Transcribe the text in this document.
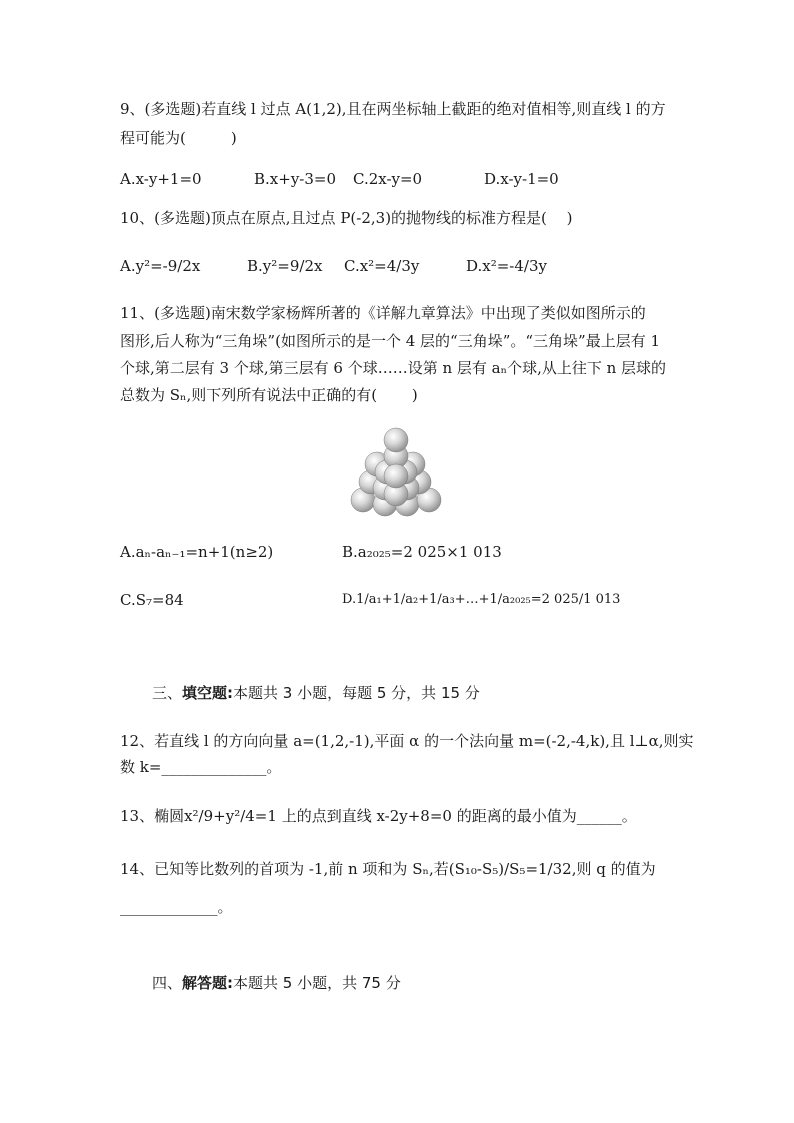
9、(多选题)若直线 l 过点 A(1,2),且在两坐标轴上截距的绝对值相等,则直线 l 的方
程可能为(　　　)
A.x-y+1=0	B.x+y-3=0 C.2x-y=0	D.x-y-1=0
10、(多选题)顶点在原点,且过点 P(-2,3)的抛物线的标准方程是(　 )
A.y²=-9/2x	B.y²=9/2x C.x²=4/3y	D.x²=-4/3y
11、(多选题)南宋数学家杨辉所著的《详解九章算法》中出现了类似如图所示的
图形,后人称为“三角垛”(如图所示的是一个 4 层的“三角垛”。“三角垛”最上层有 1
个球,第二层有 3 个球,第三层有 6 个球……设第 n 层有 aₙ个球,从上往下 n 层球的
总数为 Sₙ,则下列所有说法中正确的有(　　 )
A.aₙ-aₙ₋₁=n+1(n≥2)	B.a₂₀₂₅=2 025×1 013
C.S₇=84	D.1/a₁+1/a₂+1/a₃+…+1/a₂₀₂₅=2 025/1 013
三、填空题:本题共 3 小题，每题 5 分，共 15 分
12、若直线 l 的方向向量 a=(1,2,-1),平面 α 的一个法向量 m=(-2,-4,k),且 l⊥α,则实
数 k=______________。
13、椭圆x²/9+y²/4=1 上的点到直线 x-2y+8=0 的距离的最小值为______。
14、已知等比数列的首项为 -1,前 n 项和为 Sₙ,若(S₁₀-S₅)/S₅=1/32,则 q 的值为
_____________。
四、解答题:本题共 5 小题，共 75 分
